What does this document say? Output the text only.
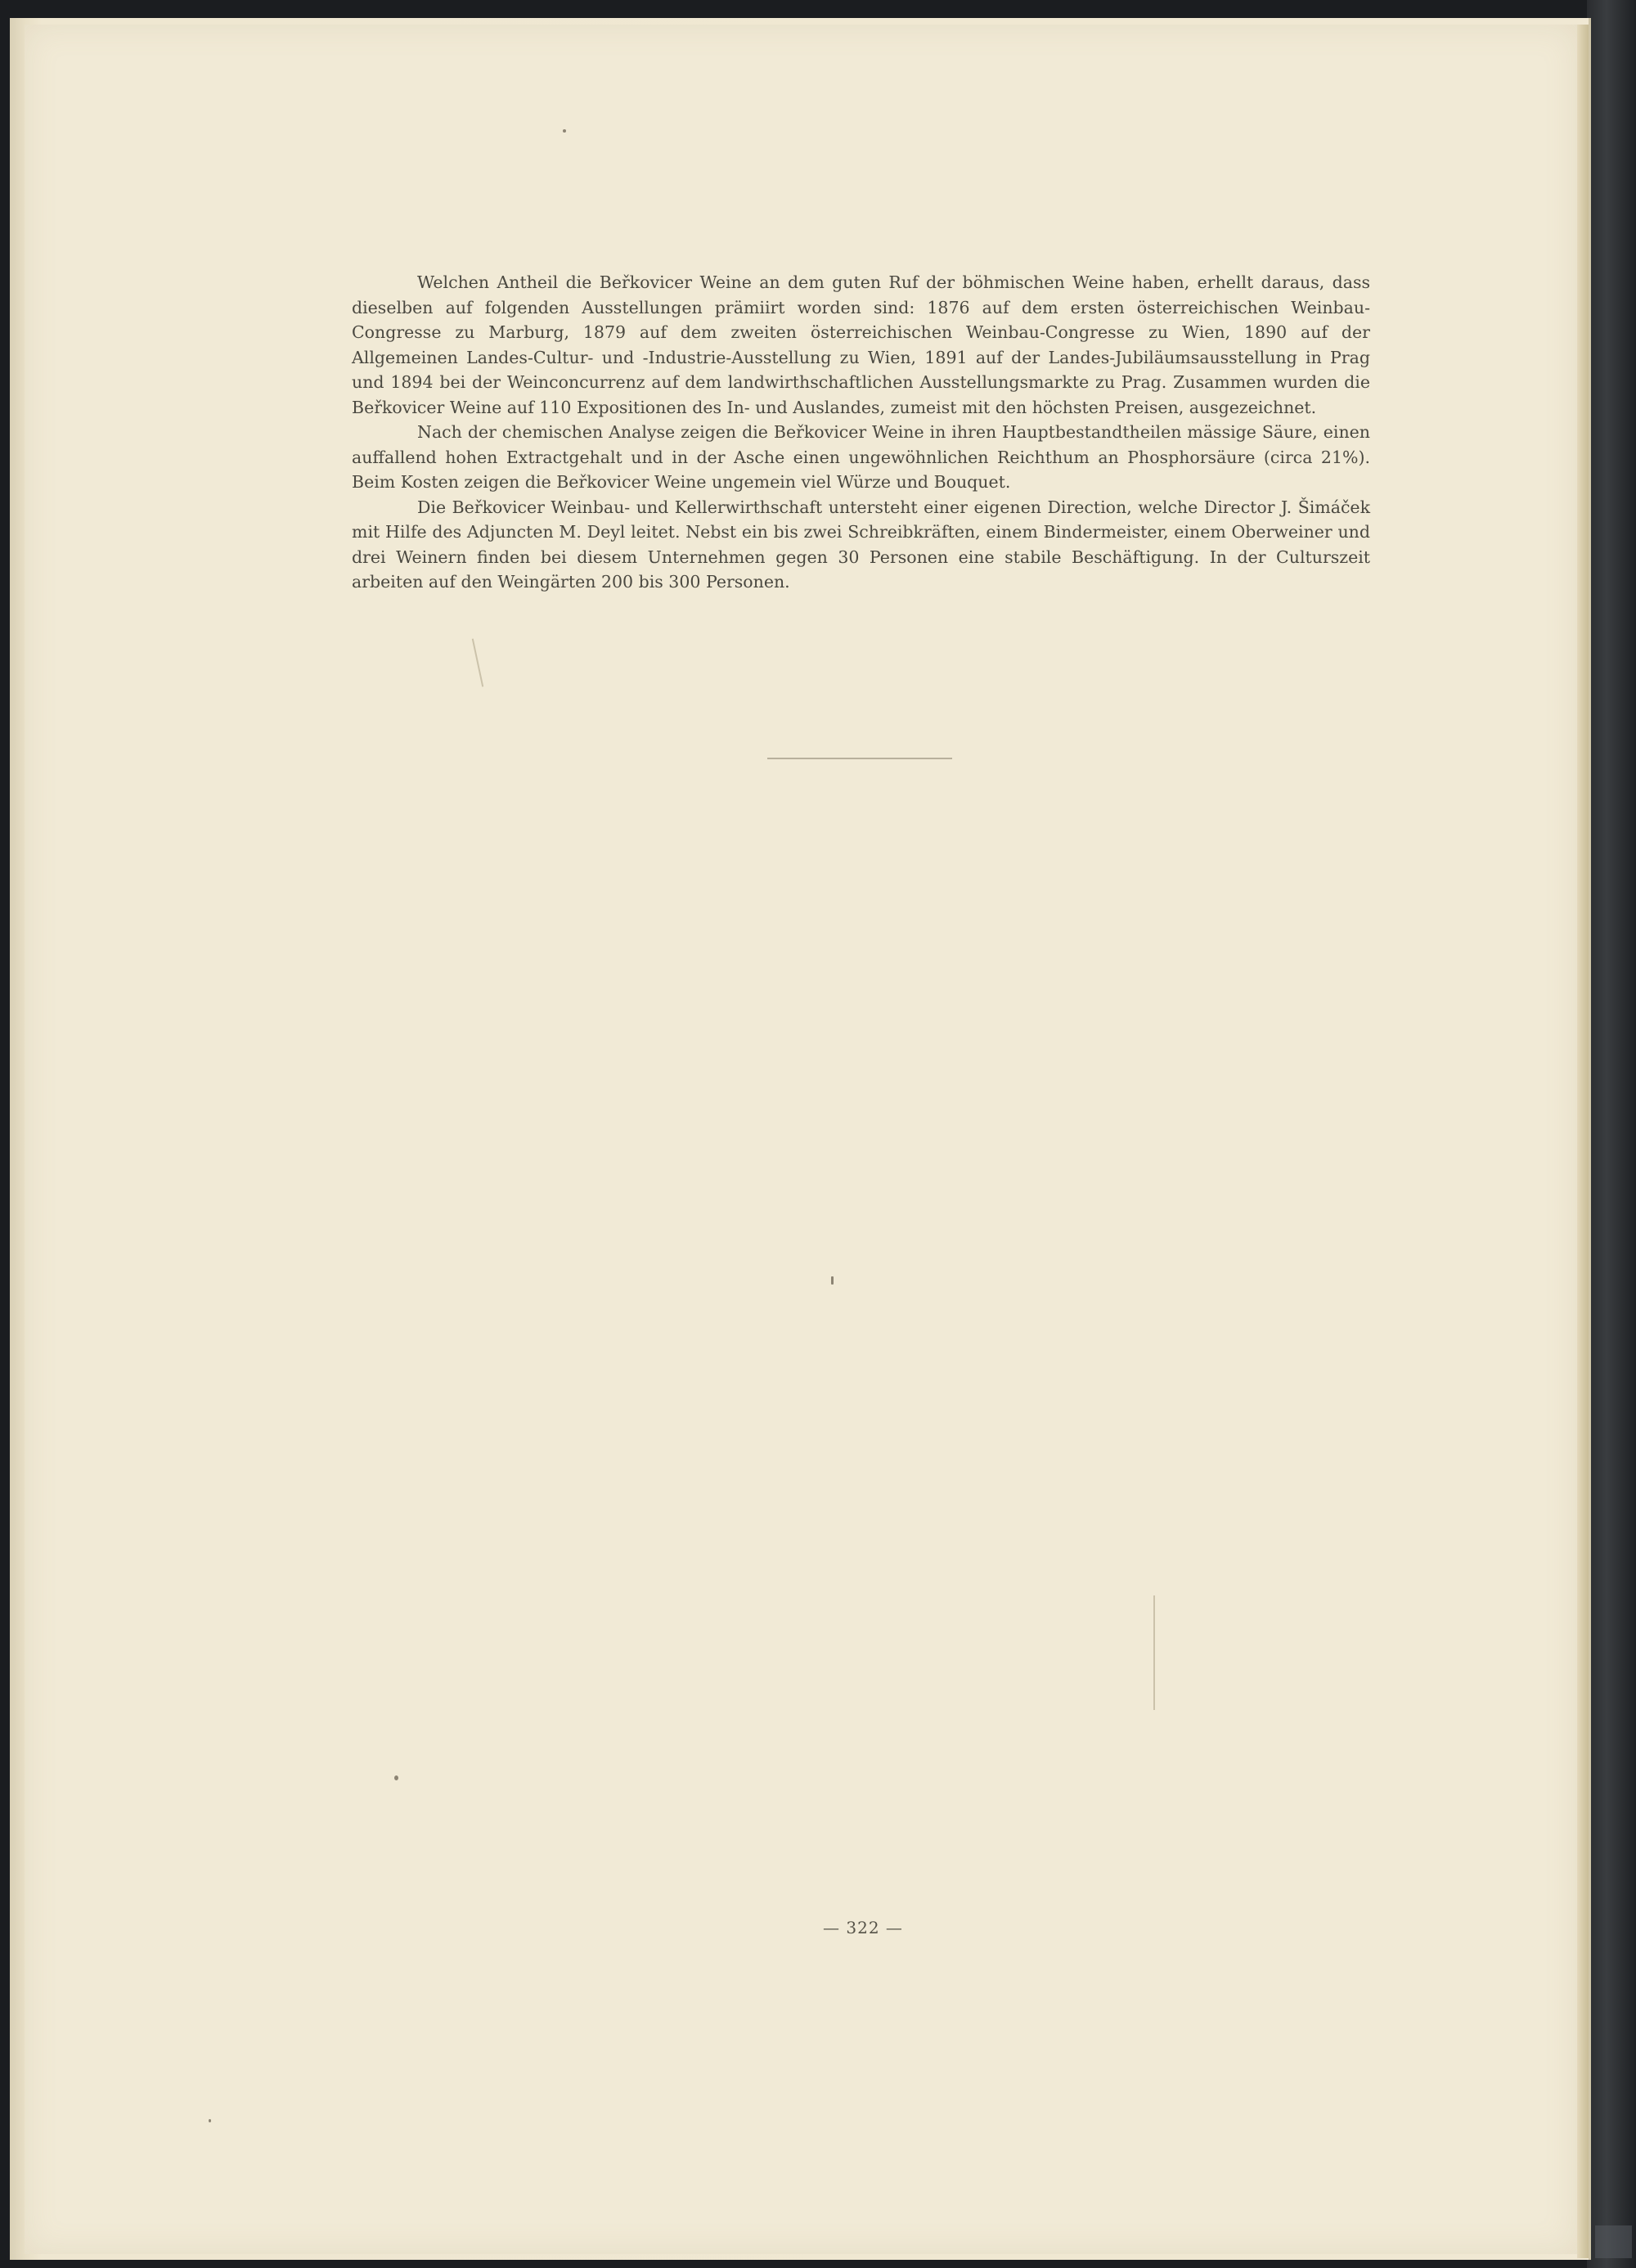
Welchen Antheil die Beřkovicer Weine an dem guten Ruf der böhmischen Weine haben, erhellt daraus, dass dieselben auf folgenden Ausstellungen prämiirt worden sind: 1876 auf dem ersten österreichischen Weinbau-Congresse zu Marburg, 1879 auf dem zweiten österreichischen Weinbau-Congresse zu Wien, 1890 auf der Allgemeinen Landes-Cultur- und -Industrie-Ausstellung zu Wien, 1891 auf der Landes-Jubiläumsausstellung in Prag und 1894 bei der Weinconcurrenz auf dem landwirthschaftlichen Ausstellungsmarkte zu Prag. Zusammen wurden die Beřkovicer Weine auf 110 Expositionen des In- und Auslandes, zumeist mit den höchsten Preisen, ausgezeichnet.

Nach der chemischen Analyse zeigen die Beřkovicer Weine in ihren Hauptbestandtheilen mässige Säure, einen auffallend hohen Extractgehalt und in der Asche einen ungewöhnlichen Reichthum an Phosphorsäure (circa 21%). Beim Kosten zeigen die Beřkovicer Weine ungemein viel Würze und Bouquet.

Die Beřkovicer Weinbau- und Kellerwirthschaft untersteht einer eigenen Direction, welche Director J. Šimáček mit Hilfe des Adjuncten M. Deyl leitet. Nebst ein bis zwei Schreibkräften, einem Bindermeister, einem Oberweiner und drei Weinern finden bei diesem Unternehmen gegen 30 Personen eine stabile Beschäftigung. In der Culturszeit arbeiten auf den Weingärten 200 bis 300 Personen.

— 322 —
